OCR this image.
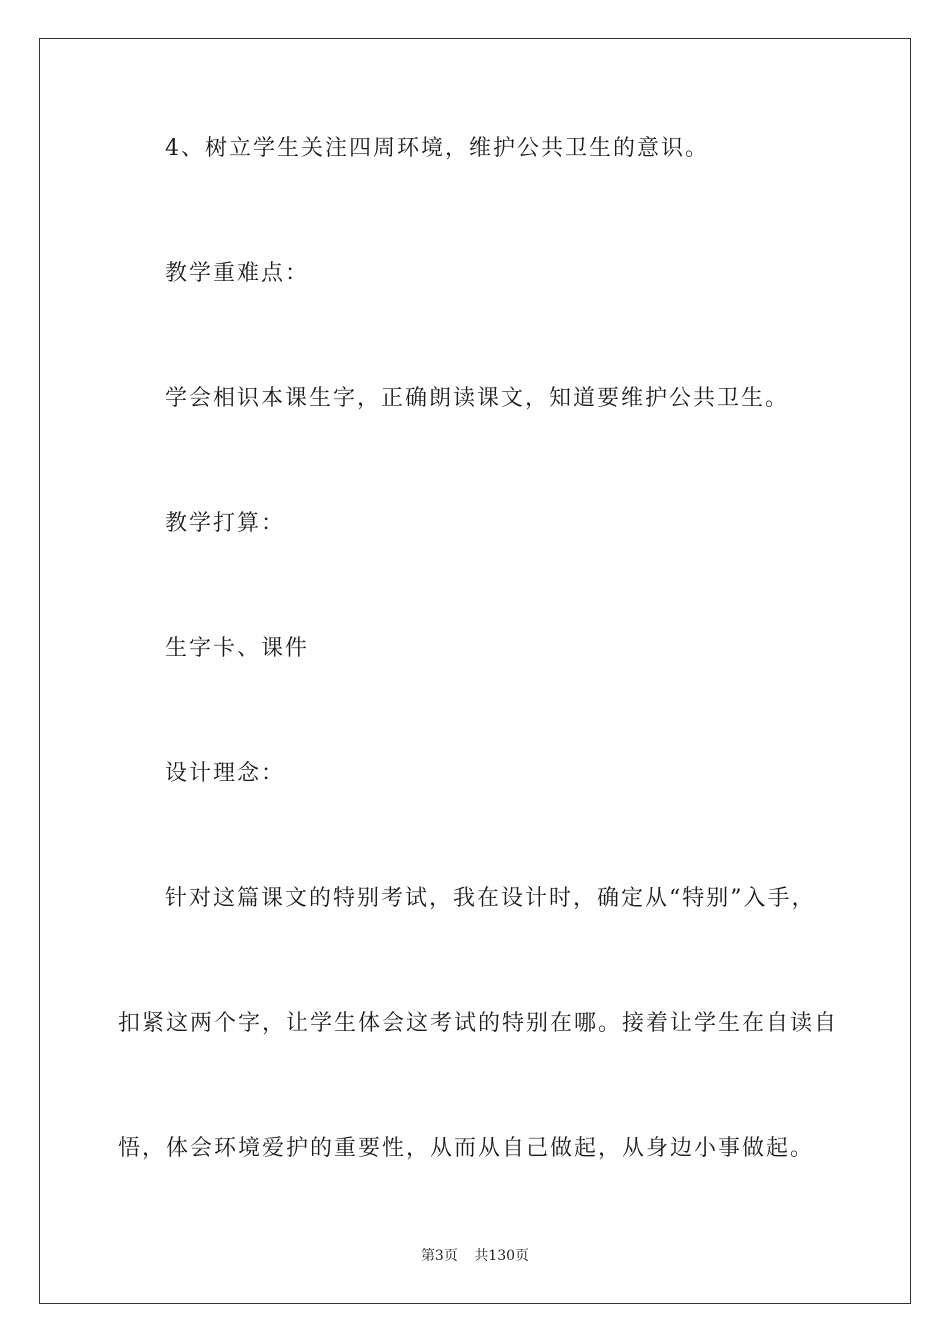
4、树立学生关注四周环境，维护公共卫生的意识。
教学重难点：
学会相识本课生字，正确朗读课文，知道要维护公共卫生。
教学打算：
生字卡、课件
设计理念：
针对这篇课文的特别考试，我在设计时，确定从“特别”入手，
扣紧这两个字，让学生体会这考试的特别在哪。接着让学生在自读自
悟，体会环境爱护的重要性，从而从自己做起，从身边小事做起。
第3页 共130页
